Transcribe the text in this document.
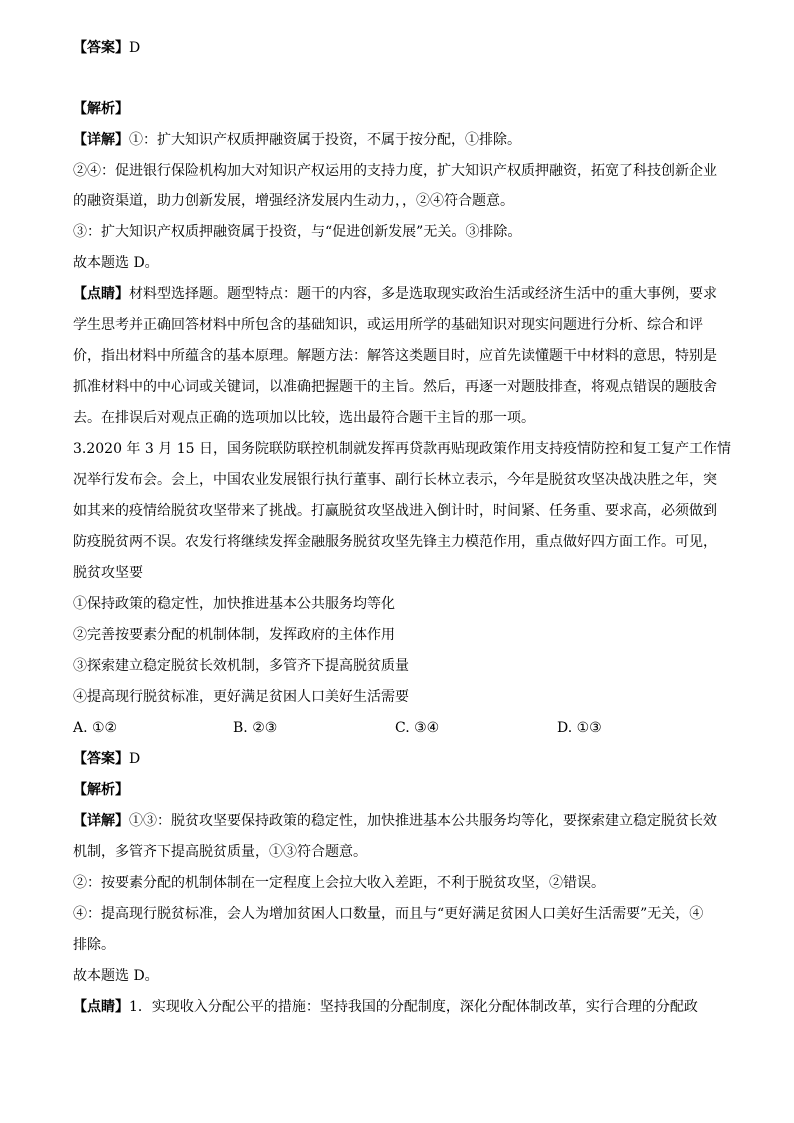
【答案】D
【解析】
【详解】①：扩大知识产权质押融资属于投资，不属于按分配，①排除。
②④：促进银行保险机构加大对知识产权运用的支持力度，扩大知识产权质押融资，拓宽了科技创新企业
的融资渠道，助力创新发展，增强经济发展内生动力，，②④符合题意。
③：扩大知识产权质押融资属于投资，与“促进创新发展”无关。③排除。
故本题选 D。
【点睛】材料型选择题。题型特点：题干的内容，多是选取现实政治生活或经济生活中的重大事例，要求
学生思考并正确回答材料中所包含的基础知识，或运用所学的基础知识对现实问题进行分析、综合和评
价，指出材料中所蕴含的基本原理。解题方法：解答这类题目时，应首先读懂题干中材料的意思，特别是
抓准材料中的中心词或关键词，以准确把握题干的主旨。然后，再逐一对题肢排查，将观点错误的题肢舍
去。在排误后对观点正确的选项加以比较，选出最符合题干主旨的那一项。
3.2020 年 3 月 15 日，国务院联防联控机制就发挥再贷款再贴现政策作用支持疫情防控和复工复产工作情
况举行发布会。会上，中国农业发展银行执行董事、副行长林立表示，今年是脱贫攻坚决战决胜之年，突
如其来的疫情给脱贫攻坚带来了挑战。打赢脱贫攻坚战进入倒计时，时间紧、任务重、要求高，必须做到
防疫脱贫两不误。农发行将继续发挥金融服务脱贫攻坚先锋主力模范作用，重点做好四方面工作。可见，
脱贫攻坚要
①保持政策的稳定性，加快推进基本公共服务均等化
②完善按要素分配的机制体制，发挥政府的主体作用
③探索建立稳定脱贫长效机制，多管齐下提高脱贫质量
④提高现行脱贫标准，更好满足贫困人口美好生活需要
A. ①②	B. ②③	C. ③④	D. ①③
【答案】D
【解析】
【详解】①③：脱贫攻坚要保持政策的稳定性，加快推进基本公共服务均等化，要探索建立稳定脱贫长效
机制，多管齐下提高脱贫质量，①③符合题意。
②：按要素分配的机制体制在一定程度上会拉大收入差距，不利于脱贫攻坚，②错误。
④：提高现行脱贫标准，会人为增加贫困人口数量，而且与“更好满足贫困人口美好生活需要”无关，④
排除。
故本题选 D。
【点睛】1．实现收入分配公平的措施：坚持我国的分配制度，深化分配体制改革，实行合理的分配政
